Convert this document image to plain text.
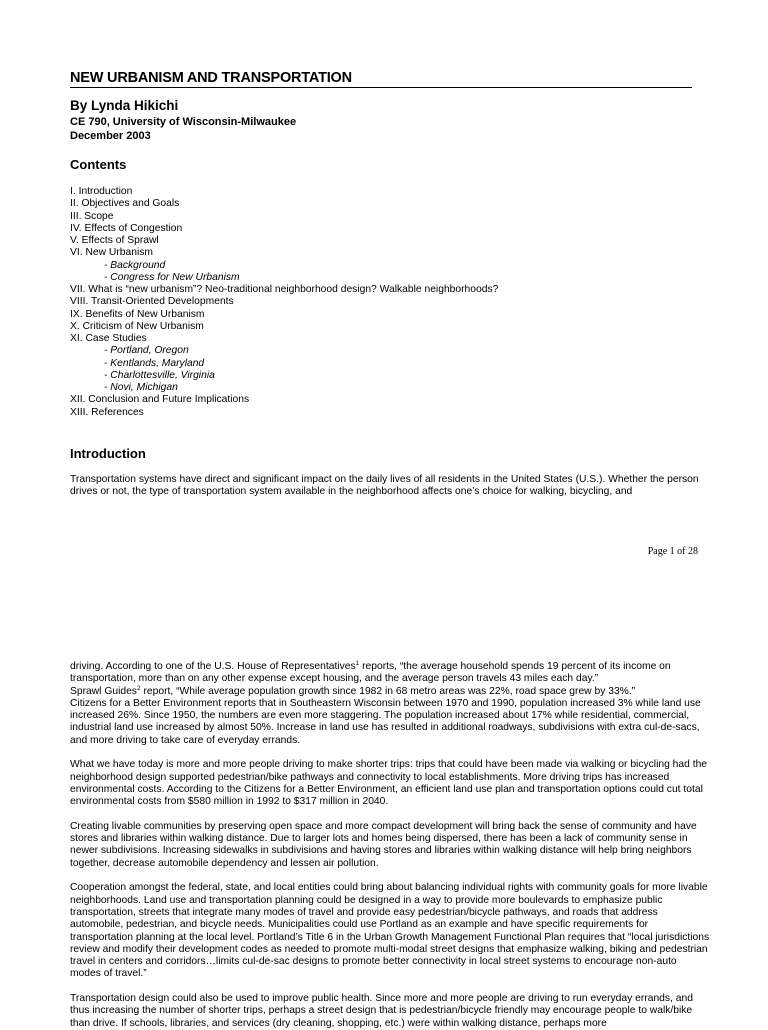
NEW URBANISM AND TRANSPORTATION
By Lynda Hikichi
CE 790, University of Wisconsin-Milwaukee
December 2003
Contents
I. Introduction
II. Objectives and Goals
III. Scope
IV. Effects of Congestion
V. Effects of Sprawl
VI. New Urbanism
- Background
- Congress for New Urbanism
VII. What is “new urbanism”? Neo-traditional neighborhood design? Walkable neighborhoods?
VIII. Transit-Oriented Developments
IX. Benefits of New Urbanism
X. Criticism of New Urbanism
XI. Case Studies
- Portland, Oregon
- Kentlands, Maryland
- Charlottesville, Virginia
- Novi, Michigan
XII. Conclusion and Future Implications
XIII. References
Introduction

Transportation systems have direct and significant impact on the daily lives of all residents in the United States (U.S.). Whether the person drives or not, the type of transportation system available in the neighborhood affects one’s choice for walking, bicycling, and

Page 1 of 28

driving. According to one of the U.S. House of Representatives$^1$ reports, “the average household spends 19 percent of its income on transportation, more than on any other expense except housing, and the average person travels 43 miles each day.”
Sprawl Guides$^2$ report, “While average population growth since 1982 in 68 metro areas was 22%, road space grew by 33%.”
Citizens for a Better Environment reports that in Southeastern Wisconsin between 1970 and 1990, population increased 3% while land use increased 26%. Since 1950, the numbers are even more staggering. The population increased about 17% while residential, commercial, industrial land use increased by almost 50%. Increase in land use has resulted in additional roadways, subdivisions with extra cul-de-sacs, and more driving to take care of everyday errands.

What we have today is more and more people driving to make shorter trips: trips that could have been made via walking or bicycling had the neighborhood design supported pedestrian/bike pathways and connectivity to local establishments. More driving trips has increased environmental costs. According to the Citizens for a Better Environment, an efficient land use plan and transportation options could cut total environmental costs from $580 million in 1992 to $317 million in 2040.

Creating livable communities by preserving open space and more compact development will bring back the sense of community and have stores and libraries within walking distance. Due to larger lots and homes being dispersed, there has been a lack of community sense in newer subdivisions. Increasing sidewalks in subdivisions and having stores and libraries within walking distance will help bring neighbors together, decrease automobile dependency and lessen air pollution.

Cooperation amongst the federal, state, and local entities could bring about balancing individual rights with community goals for more livable neighborhoods. Land use and transportation planning could be designed in a way to provide more boulevards to emphasize public transportation, streets that integrate many modes of travel and provide easy pedestrian/bicycle pathways, and roads that address automobile, pedestrian, and bicycle needs. Municipalities could use Portland as an example and have specific requirements for transportation planning at the local level. Portland’s Title 6 in the Urban Growth Management Functional Plan requires that “local jurisdictions review and modify their development codes as needed to promote multi-modal street designs that emphasize walking, biking and pedestrian travel in centers and corridors…limits cul-de-sac designs to promote better connectivity in local street systems to encourage non-auto modes of travel.”

Transportation design could also be used to improve public health. Since more and more people are driving to run everyday errands, and thus increasing the number of shorter trips, perhaps a street design that is pedestrian/bicycle friendly may encourage people to walk/bike than drive. If schools, libraries, and services (dry cleaning, shopping, etc.) were within walking distance, perhaps more
